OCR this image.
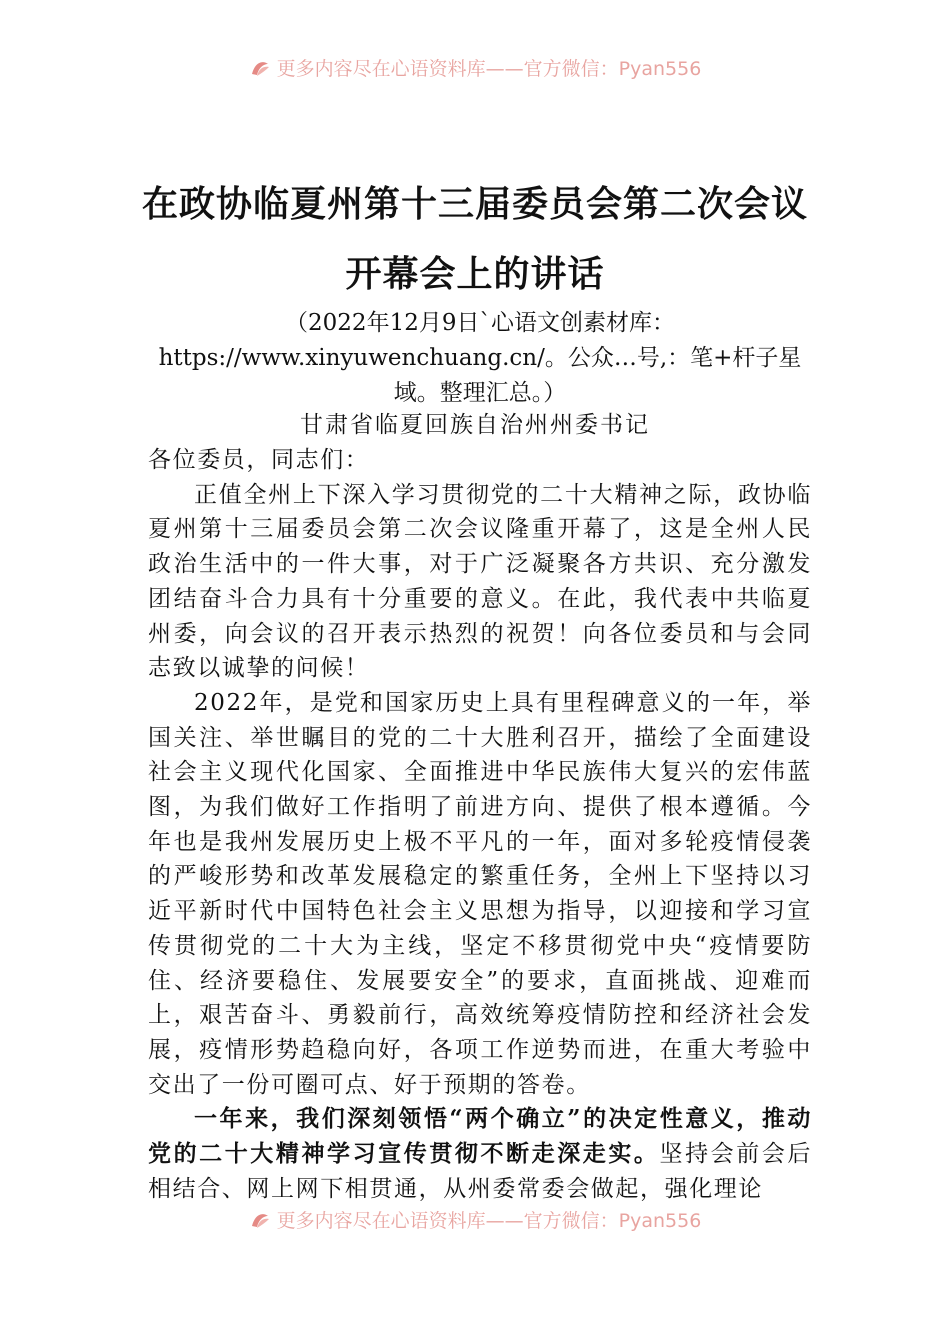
更多内容尽在心语资料库——官方微信：Pyan556
在政协临夏州第十三届委员会第二次会议
开幕会上的讲话
（2022年12月9日`心语文创素材库：https://www.xinyuwenchuang.cn/。公众…号,：笔+杆子星域。整理汇总。）
甘肃省临夏回族自治州州委书记

各位委员，同志们：

正值全州上下深入学习贯彻党的二十大精神之际，政协临夏州第十三届委员会第二次会议隆重开幕了，这是全州人民政治生活中的一件大事，对于广泛凝聚各方共识、充分激发团结奋斗合力具有十分重要的意义。在此，我代表中共临夏州委，向会议的召开表示热烈的祝贺！向各位委员和与会同志致以诚挚的问候！

2022年，是党和国家历史上具有里程碑意义的一年，举国关注、举世瞩目的党的二十大胜利召开，描绘了全面建设社会主义现代化国家、全面推进中华民族伟大复兴的宏伟蓝图，为我们做好工作指明了前进方向、提供了根本遵循。今年也是我州发展历史上极不平凡的一年，面对多轮疫情侵袭的严峻形势和改革发展稳定的繁重任务，全州上下坚持以习近平新时代中国特色社会主义思想为指导，以迎接和学习宣传贯彻党的二十大为主线，坚定不移贯彻党中央“疫情要防住、经济要稳住、发展要安全”的要求，直面挑战、迎难而上，艰苦奋斗、勇毅前行，高效统筹疫情防控和经济社会发展，疫情形势趋稳向好，各项工作逆势而进，在重大考验中交出了一份可圈可点、好于预期的答卷。

一年来，我们深刻领悟“两个确立”的决定性意义，推动党的二十大精神学习宣传贯彻不断走深走实。坚持会前会后相结合、网上网下相贯通，从州委常委会做起，强化理论

更多内容尽在心语资料库——官方微信：Pyan556
